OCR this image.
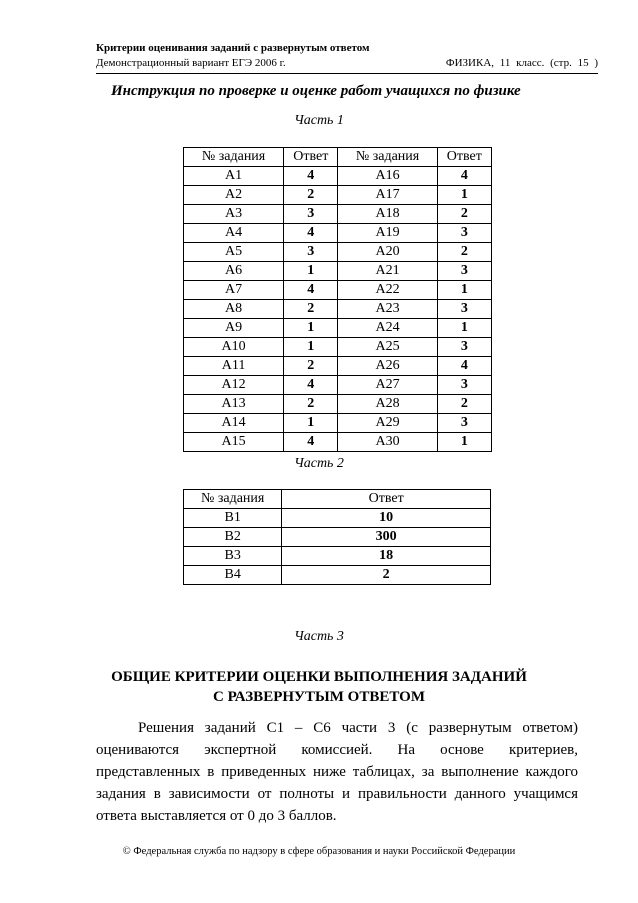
Критерии оценивания заданий с развернутым ответом
Демонстрационный вариант ЕГЭ 2006 г.	ФИЗИКА, 11 класс. (стр. 15 )
Инструкция по проверке и оценке работ учащихся по физике
Часть 1
№ задания	Ответ	№ задания	Ответ
A1	4	A16	4
A2	2	A17	1
A3	3	A18	2
A4	4	A19	3
A5	3	A20	2
A6	1	A21	3
A7	4	A22	1
A8	2	A23	3
A9	1	A24	1
A10	1	A25	3
A11	2	A26	4
A12	4	A27	3
A13	2	A28	2
A14	1	A29	3
A15	4	A30	1
Часть 2
№ задания	Ответ
B1	10
B2	300
B3	18
B4	2
Часть 3
ОБЩИЕ КРИТЕРИИ ОЦЕНКИ ВЫПОЛНЕНИЯ ЗАДАНИЙ
С РАЗВЕРНУТЫМ ОТВЕТОМ
Решения заданий С1 – С6 части 3 (с развернутым ответом) оцениваются экспертной комиссией. На основе критериев, представленных в приведенных ниже таблицах, за выполнение каждого задания в зависимости от полноты и правильности данного учащимся ответа выставляется от 0 до 3 баллов.
© Федеральная служба по надзору в сфере образования и науки Российской Федерации
